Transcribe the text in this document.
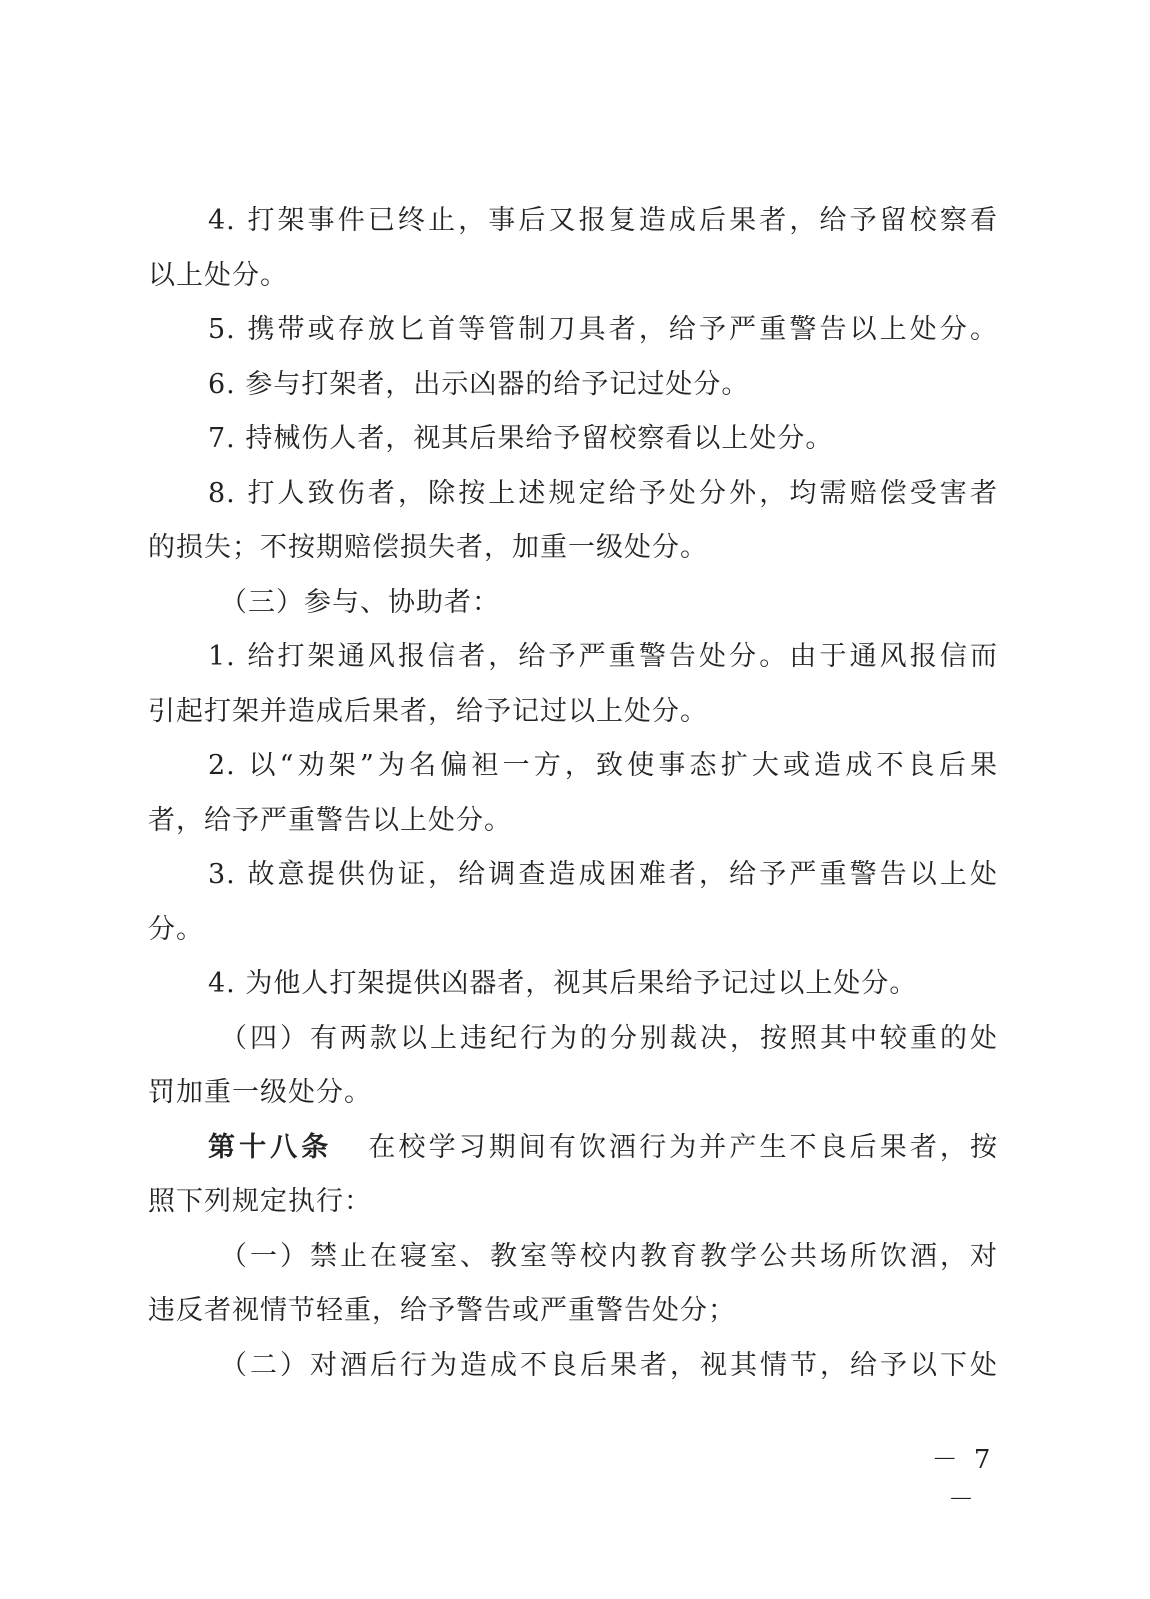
4. 打架事件已终止，事后又报复造成后果者，给予留校察看
以上处分。
5. 携带或存放匕首等管制刀具者，给予严重警告以上处分。
6. 参与打架者，出示凶器的给予记过处分。
7. 持械伤人者，视其后果给予留校察看以上处分。
8. 打人致伤者，除按上述规定给予处分外，均需赔偿受害者
的损失；不按期赔偿损失者，加重一级处分。
（三）参与、协助者：
1. 给打架通风报信者，给予严重警告处分。由于通风报信而
引起打架并造成后果者，给予记过以上处分。
2. 以“劝架”为名偏袒一方，致使事态扩大或造成不良后果
者，给予严重警告以上处分。
3. 故意提供伪证，给调查造成困难者，给予严重警告以上处
分。
4. 为他人打架提供凶器者，视其后果给予记过以上处分。
（四）有两款以上违纪行为的分别裁决，按照其中较重的处
罚加重一级处分。
第十八条 在校学习期间有饮酒行为并产生不良后果者，按
照下列规定执行：
（一）禁止在寝室、教室等校内教育教学公共场所饮酒，对
违反者视情节轻重，给予警告或严重警告处分；
（二）对酒后行为造成不良后果者，视其情节，给予以下处
－ 7 －
